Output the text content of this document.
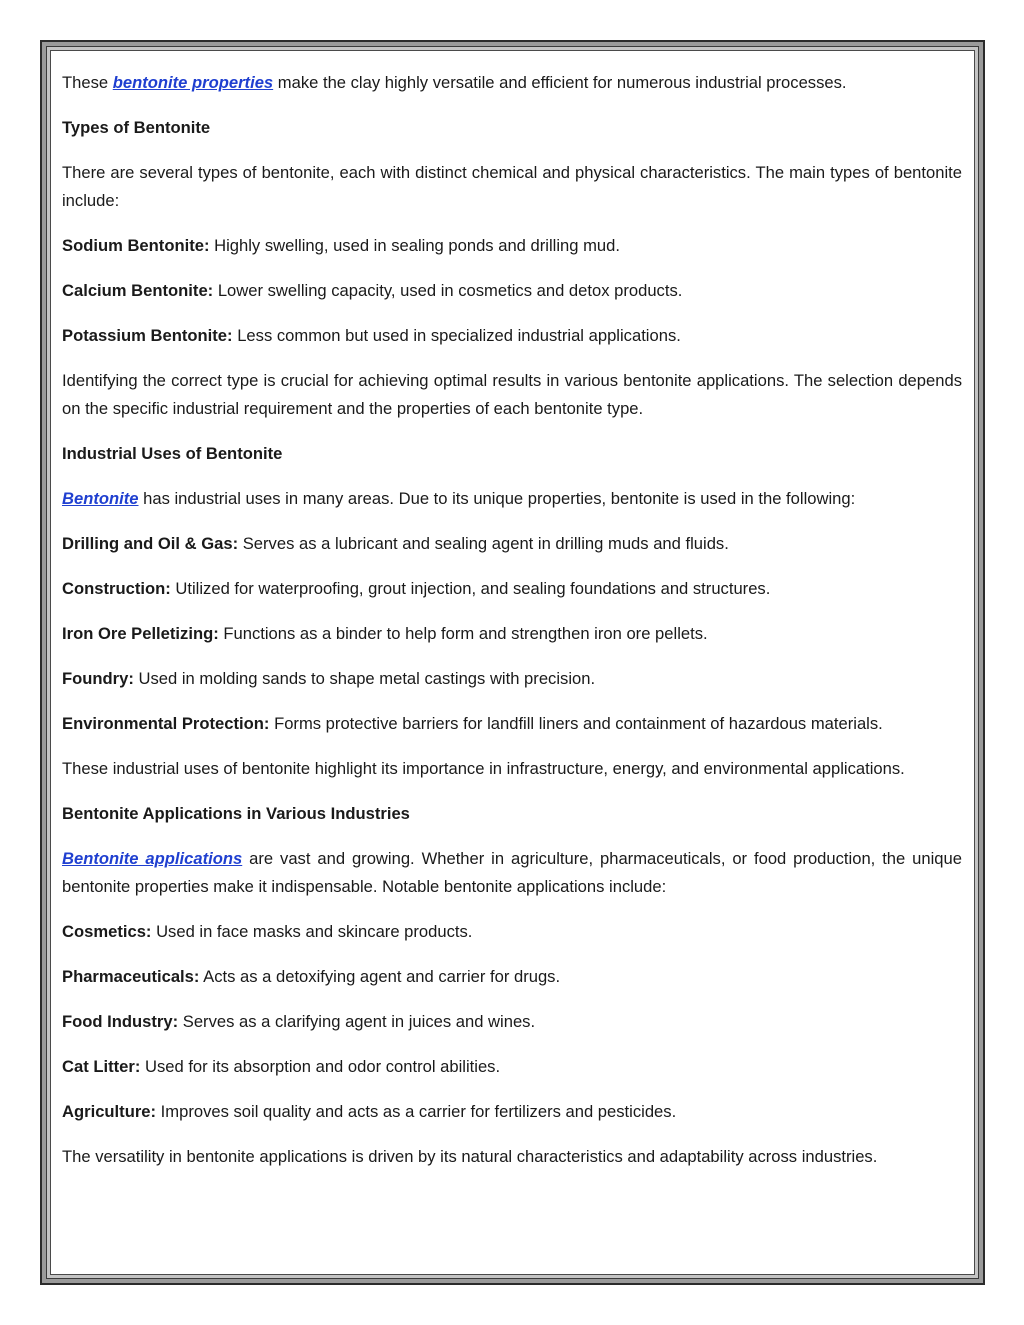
These bentonite properties make the clay highly versatile and efficient for numerous industrial processes.

Types of Bentonite

There are several types of bentonite, each with distinct chemical and physical characteristics. The main types of bentonite include:

Sodium Bentonite: Highly swelling, used in sealing ponds and drilling mud.

Calcium Bentonite: Lower swelling capacity, used in cosmetics and detox products.

Potassium Bentonite: Less common but used in specialized industrial applications.

Identifying the correct type is crucial for achieving optimal results in various bentonite applications. The selection depends on the specific industrial requirement and the properties of each bentonite type.

Industrial Uses of Bentonite

Bentonite has industrial uses in many areas. Due to its unique properties, bentonite is used in the following:

Drilling and Oil & Gas: Serves as a lubricant and sealing agent in drilling muds and fluids.

Construction: Utilized for waterproofing, grout injection, and sealing foundations and structures.

Iron Ore Pelletizing: Functions as a binder to help form and strengthen iron ore pellets.

Foundry: Used in molding sands to shape metal castings with precision.

Environmental Protection: Forms protective barriers for landfill liners and containment of hazardous materials.

These industrial uses of bentonite highlight its importance in infrastructure, energy, and environmental applications.

Bentonite Applications in Various Industries

Bentonite applications are vast and growing. Whether in agriculture, pharmaceuticals, or food production, the unique bentonite properties make it indispensable. Notable bentonite applications include:

Cosmetics: Used in face masks and skincare products.

Pharmaceuticals: Acts as a detoxifying agent and carrier for drugs.

Food Industry: Serves as a clarifying agent in juices and wines.

Cat Litter: Used for its absorption and odor control abilities.

Agriculture: Improves soil quality and acts as a carrier for fertilizers and pesticides.

The versatility in bentonite applications is driven by its natural characteristics and adaptability across industries.
